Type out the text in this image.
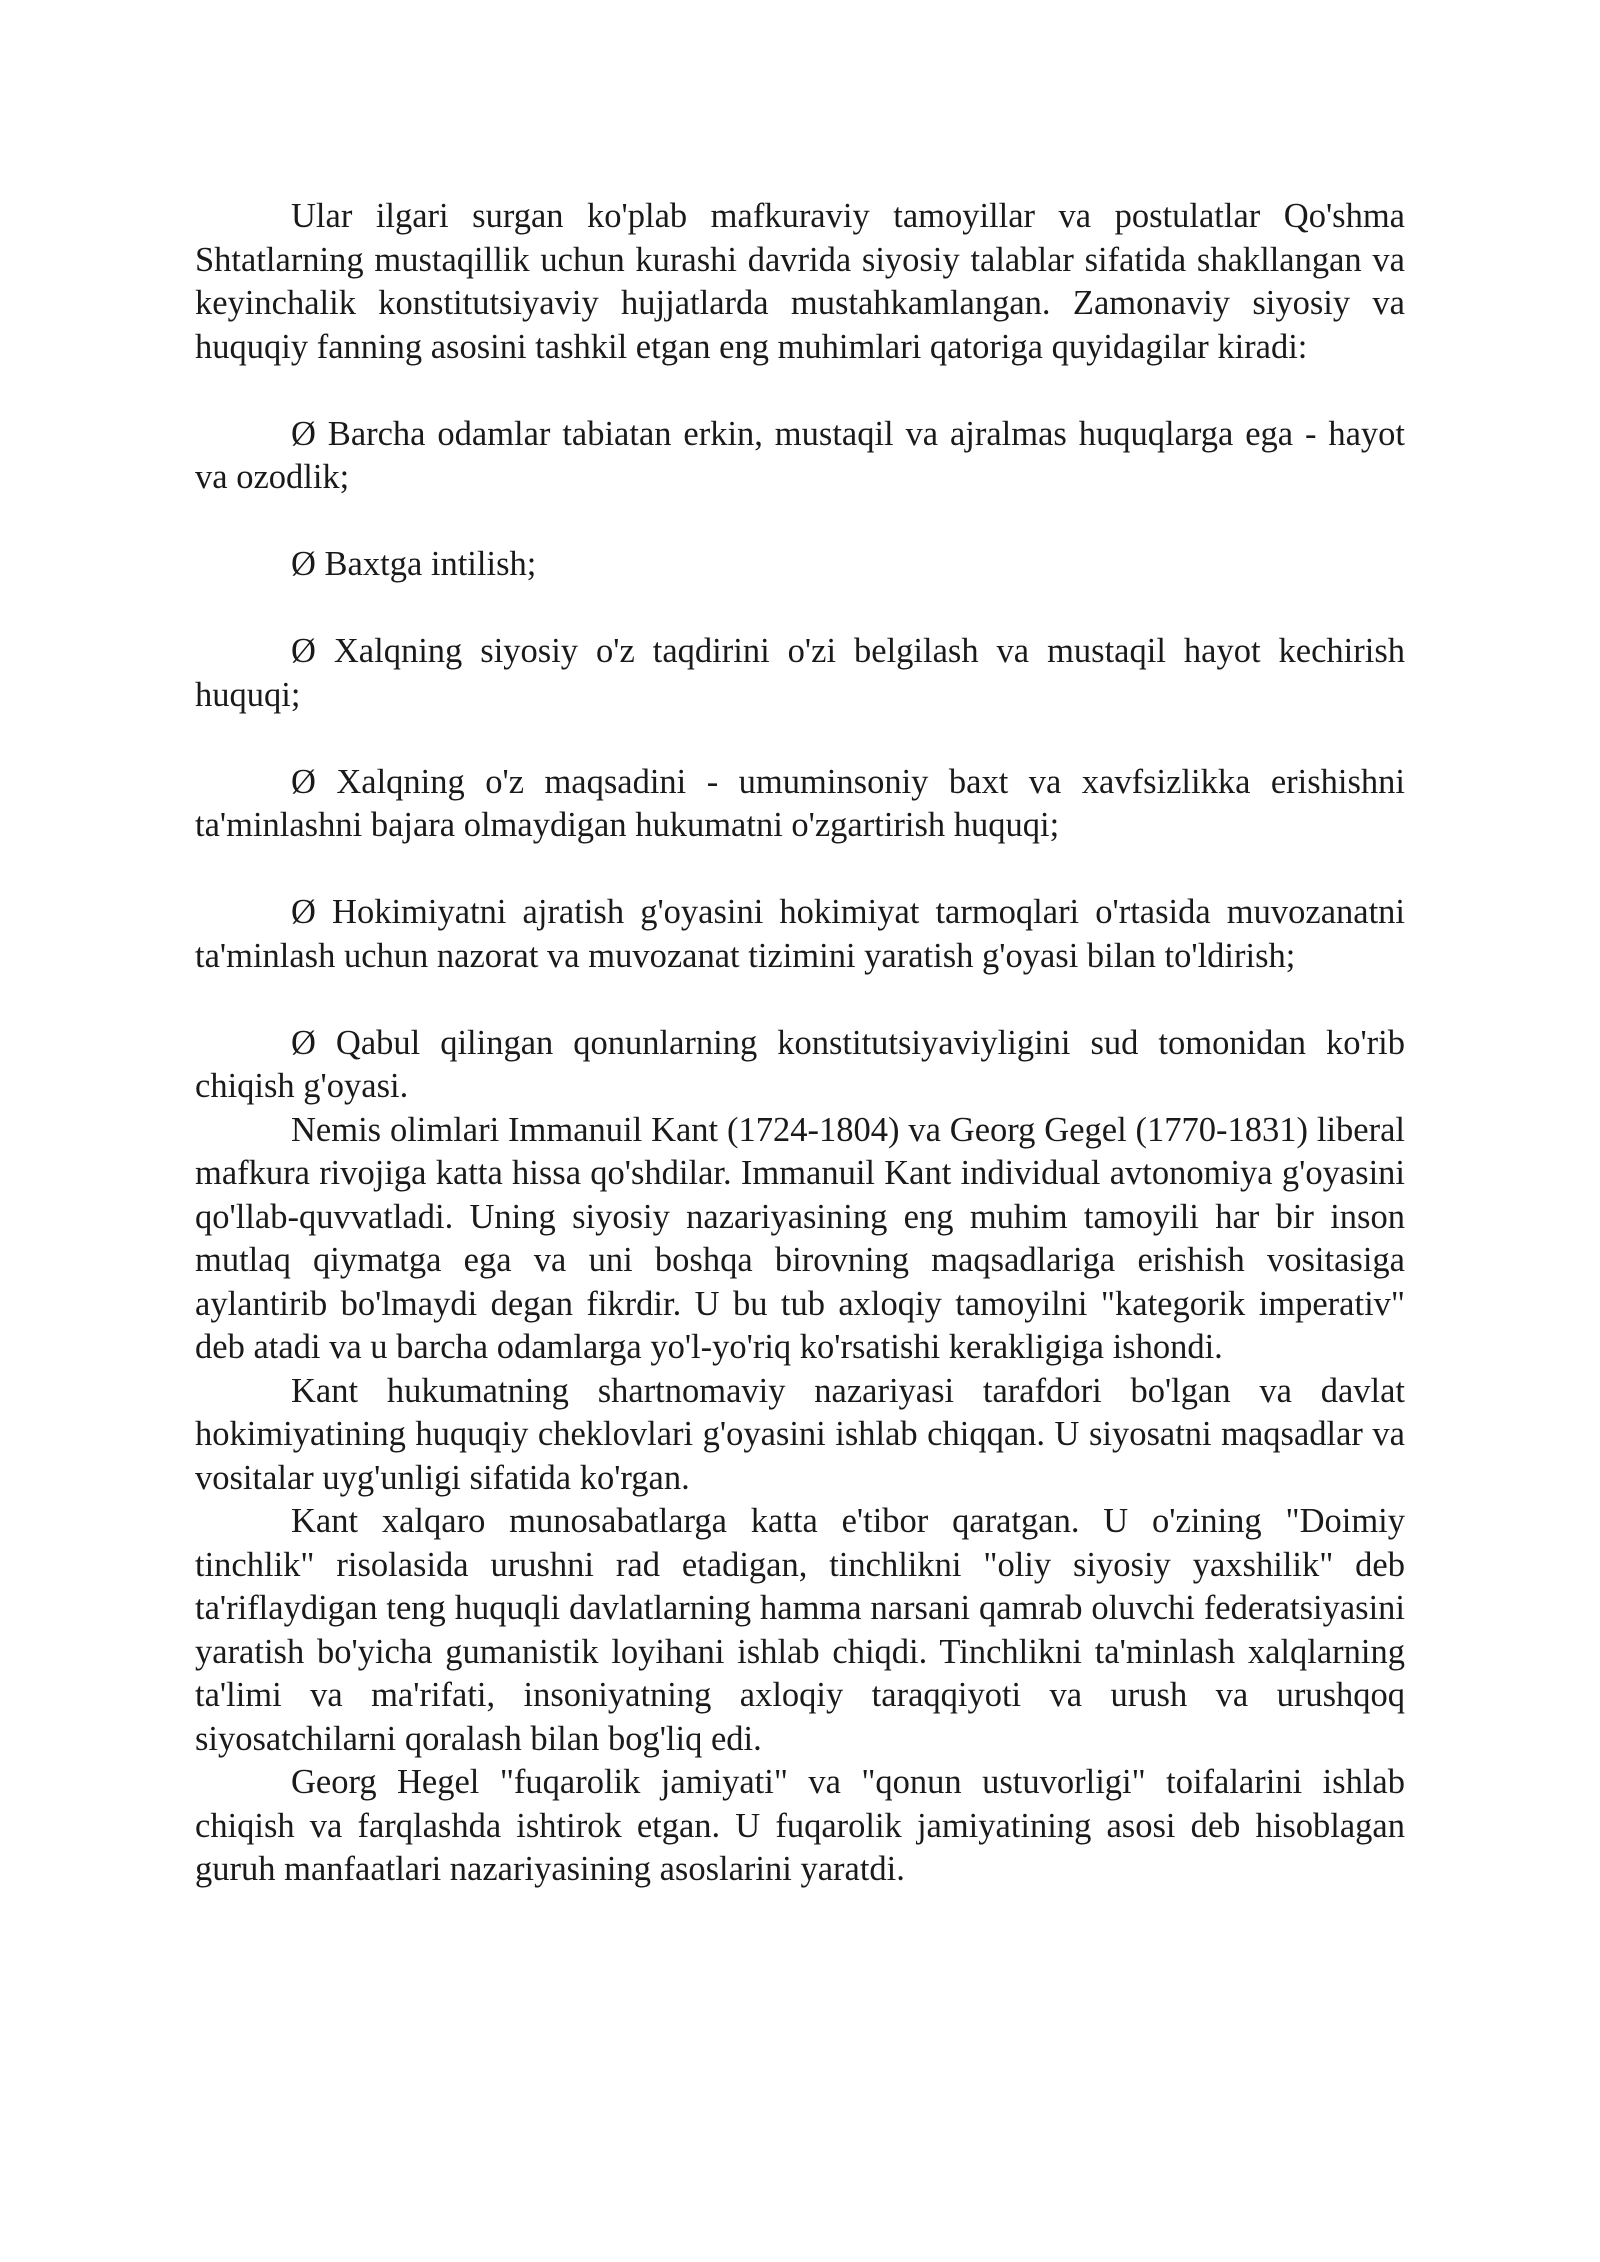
Ular ilgari surgan ko'plab mafkuraviy tamoyillar va postulatlar Qo'shma Shtatlarning mustaqillik uchun kurashi davrida siyosiy talablar sifatida shakllangan va keyinchalik konstitutsiyaviy hujjatlarda mustahkamlangan. Zamonaviy siyosiy va huquqiy fanning asosini tashkil etgan eng muhimlari qatoriga quyidagilar kiradi:

Ø Barcha odamlar tabiatan erkin, mustaqil va ajralmas huquqlarga ega - hayot va ozodlik;

Ø Baxtga intilish;

Ø Xalqning siyosiy o'z taqdirini o'zi belgilash va mustaqil hayot kechirish huquqi;

Ø Xalqning o'z maqsadini - umuminsoniy baxt va xavfsizlikka erishishni ta'minlashni bajara olmaydigan hukumatni o'zgartirish huquqi;

Ø Hokimiyatni ajratish g'oyasini hokimiyat tarmoqlari o'rtasida muvozanatni ta'minlash uchun nazorat va muvozanat tizimini yaratish g'oyasi bilan to'ldirish;

Ø Qabul qilingan qonunlarning konstitutsiyaviyligini sud tomonidan ko'rib chiqish g'oyasi.

Nemis olimlari Immanuil Kant (1724-1804) va Georg Gegel (1770-1831) liberal mafkura rivojiga katta hissa qo'shdilar. Immanuil Kant individual avtonomiya g'oyasini qo'llab-quvvatladi. Uning siyosiy nazariyasining eng muhim tamoyili har bir inson mutlaq qiymatga ega va uni boshqa birovning maqsadlariga erishish vositasiga aylantirib bo'lmaydi degan fikrdir. U bu tub axloqiy tamoyilni "kategorik imperativ" deb atadi va u barcha odamlarga yo'l-yo'riq ko'rsatishi kerakligiga ishondi.

Kant hukumatning shartnomaviy nazariyasi tarafdori bo'lgan va davlat hokimiyatining huquqiy cheklovlari g'oyasini ishlab chiqqan. U siyosatni maqsadlar va vositalar uyg'unligi sifatida ko'rgan.

Kant xalqaro munosabatlarga katta e'tibor qaratgan. U o'zining "Doimiy tinchlik" risolasida urushni rad etadigan, tinchlikni "oliy siyosiy yaxshilik" deb ta'riflaydigan teng huquqli davlatlarning hamma narsani qamrab oluvchi federatsiyasini yaratish bo'yicha gumanistik loyihani ishlab chiqdi. Tinchlikni ta'minlash xalqlarning ta'limi va ma'rifati, insoniyatning axloqiy taraqqiyoti va urush va urushqoq siyosatchilarni qoralash bilan bog'liq edi.

Georg Hegel "fuqarolik jamiyati" va "qonun ustuvorligi" toifalarini ishlab chiqish va farqlashda ishtirok etgan. U fuqarolik jamiyatining asosi deb hisoblagan guruh manfaatlari nazariyasining asoslarini yaratdi.
